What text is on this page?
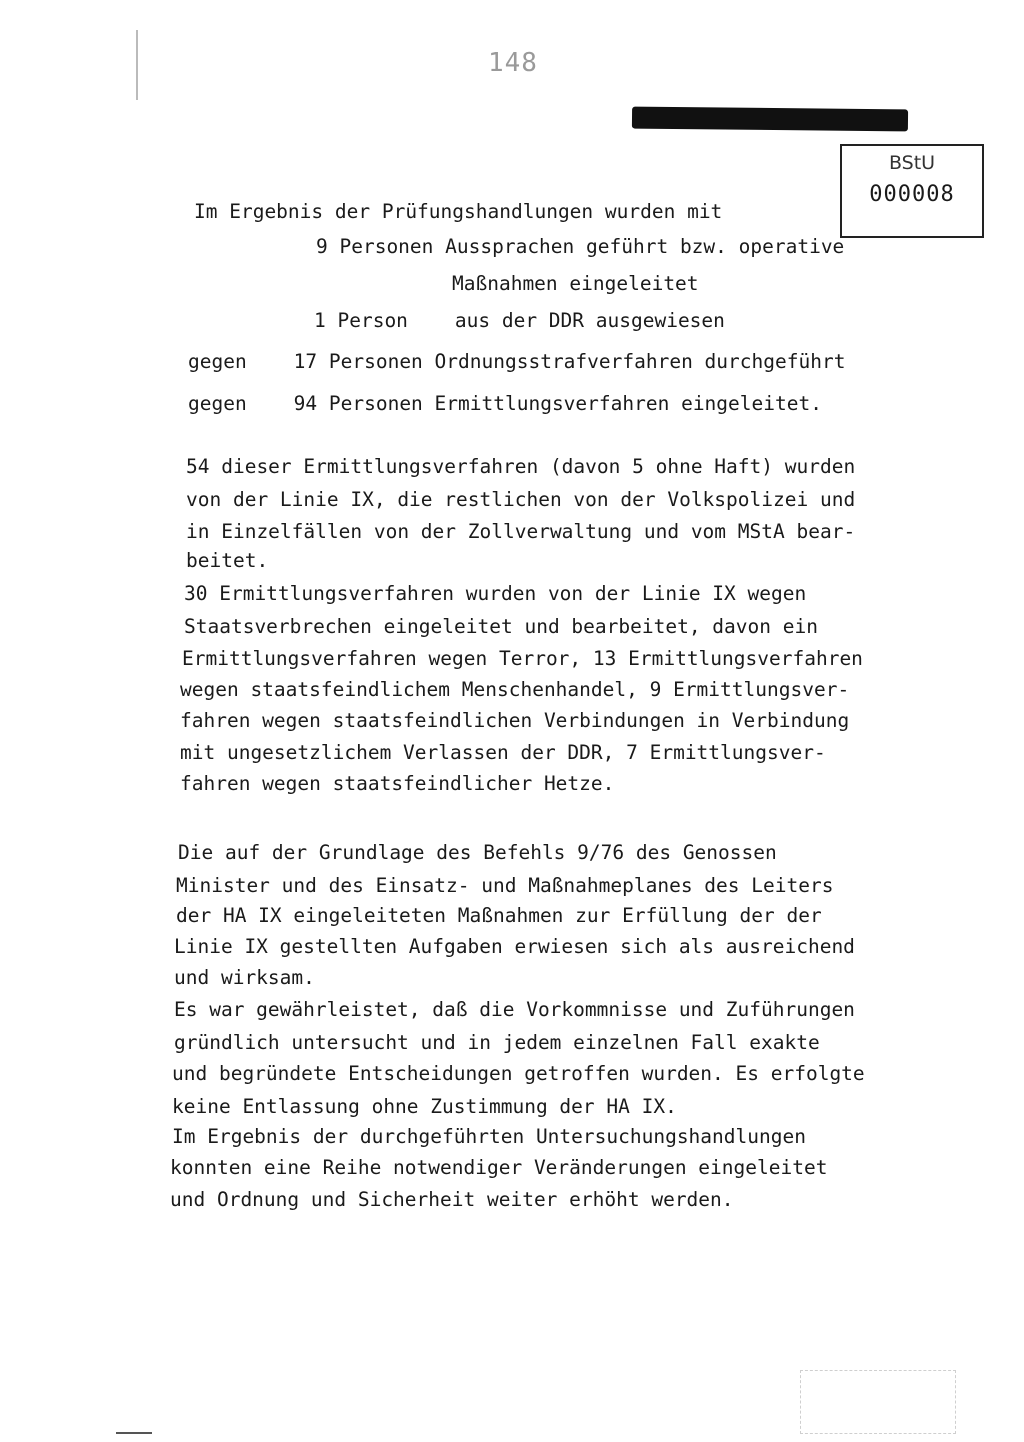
148
BStU
000008
Im Ergebnis der Prüfungshandlungen wurden mit
9 Personen Aussprachen geführt bzw. operative
Maßnahmen eingeleitet
1 Person    aus der DDR ausgewiesen
gegen    17 Personen Ordnungsstrafverfahren durchgeführt
gegen    94 Personen Ermittlungsverfahren eingeleitet.
54 dieser Ermittlungsverfahren (davon 5 ohne Haft) wurden
von der Linie IX, die restlichen von der Volkspolizei und
in Einzelfällen von der Zollverwaltung und vom MStA bear-
beitet.
30 Ermittlungsverfahren wurden von der Linie IX wegen
Staatsverbrechen eingeleitet und bearbeitet, davon ein
Ermittlungsverfahren wegen Terror, 13 Ermittlungsverfahren
wegen staatsfeindlichem Menschenhandel, 9 Ermittlungsver-
fahren wegen staatsfeindlichen Verbindungen in Verbindung
mit ungesetzlichem Verlassen der DDR, 7 Ermittlungsver-
fahren wegen staatsfeindlicher Hetze.
Die auf der Grundlage des Befehls 9/76 des Genossen
Minister und des Einsatz- und Maßnahmeplanes des Leiters
der HA IX eingeleiteten Maßnahmen zur Erfüllung der der
Linie IX gestellten Aufgaben erwiesen sich als ausreichend
und wirksam.
Es war gewährleistet, daß die Vorkommnisse und Zuführungen
gründlich untersucht und in jedem einzelnen Fall exakte
und begründete Entscheidungen getroffen wurden. Es erfolgte
keine Entlassung ohne Zustimmung der HA IX.
Im Ergebnis der durchgeführten Untersuchungshandlungen
konnten eine Reihe notwendiger Veränderungen eingeleitet
und Ordnung und Sicherheit weiter erhöht werden.
